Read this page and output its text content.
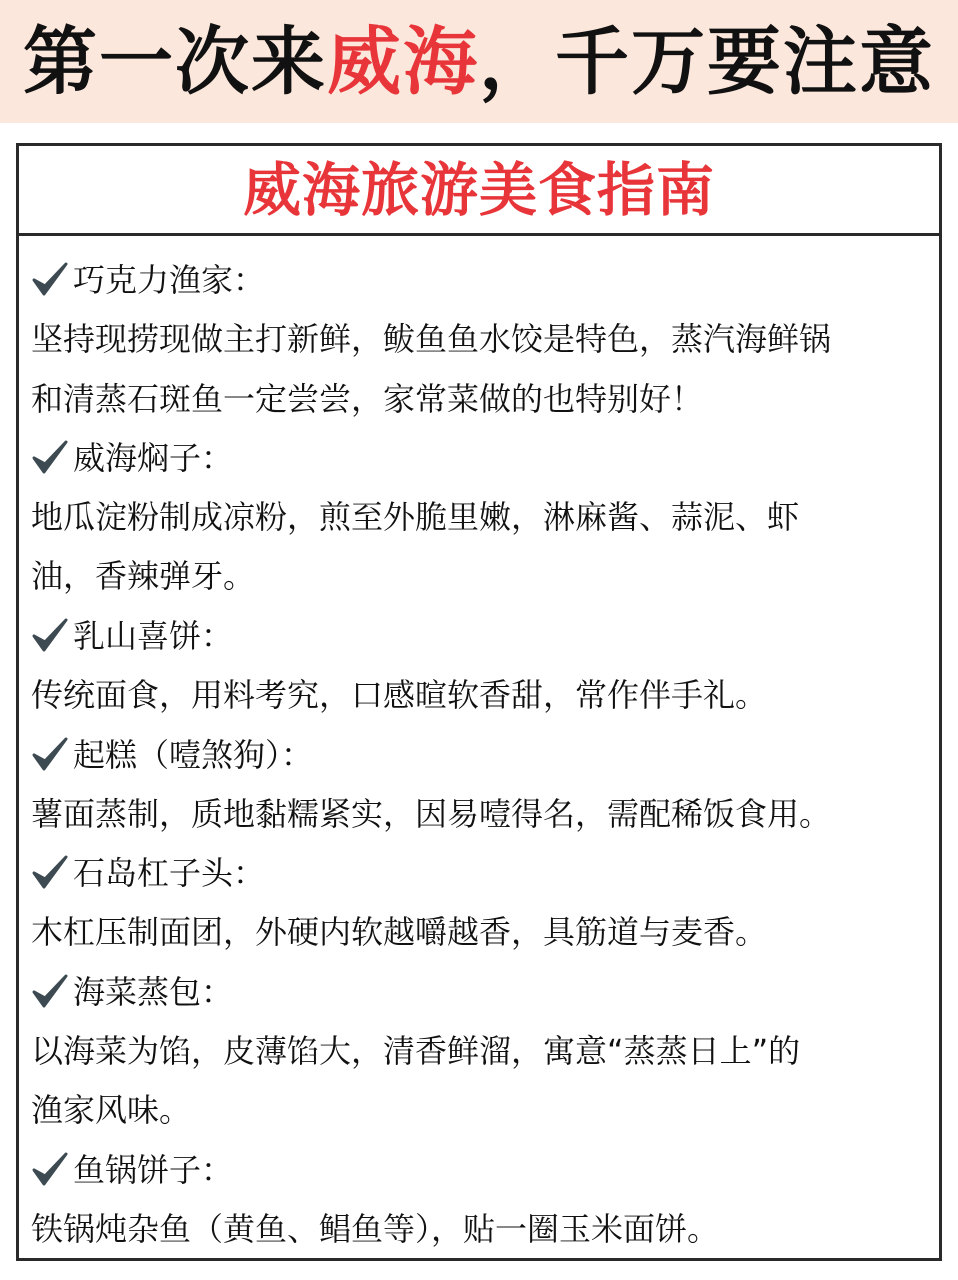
第一次来威海，千万要注意
威海旅游美食指南
巧克力渔家：
坚持现捞现做主打新鲜，鲅鱼鱼水饺是特色，蒸汽海鲜锅
和清蒸石斑鱼一定尝尝，家常菜做的也特别好！
威海焖子：
地瓜淀粉制成凉粉，煎至外脆里嫩，淋麻酱、蒜泥、虾
油，香辣弹牙。
乳山喜饼：
传统面食，用料考究，口感暄软香甜，常作伴手礼。
起糕（噎煞狗）：
薯面蒸制，质地黏糯紧实，因易噎得名，需配稀饭食用。
石岛杠子头：
木杠压制面团，外硬内软越嚼越香，具筋道与麦香。
海菜蒸包：
以海菜为馅，皮薄馅大，清香鲜溜，寓意“蒸蒸日上”的
渔家风味。
鱼锅饼子：
铁锅炖杂鱼（黄鱼、鲳鱼等），贴一圈玉米面饼。
